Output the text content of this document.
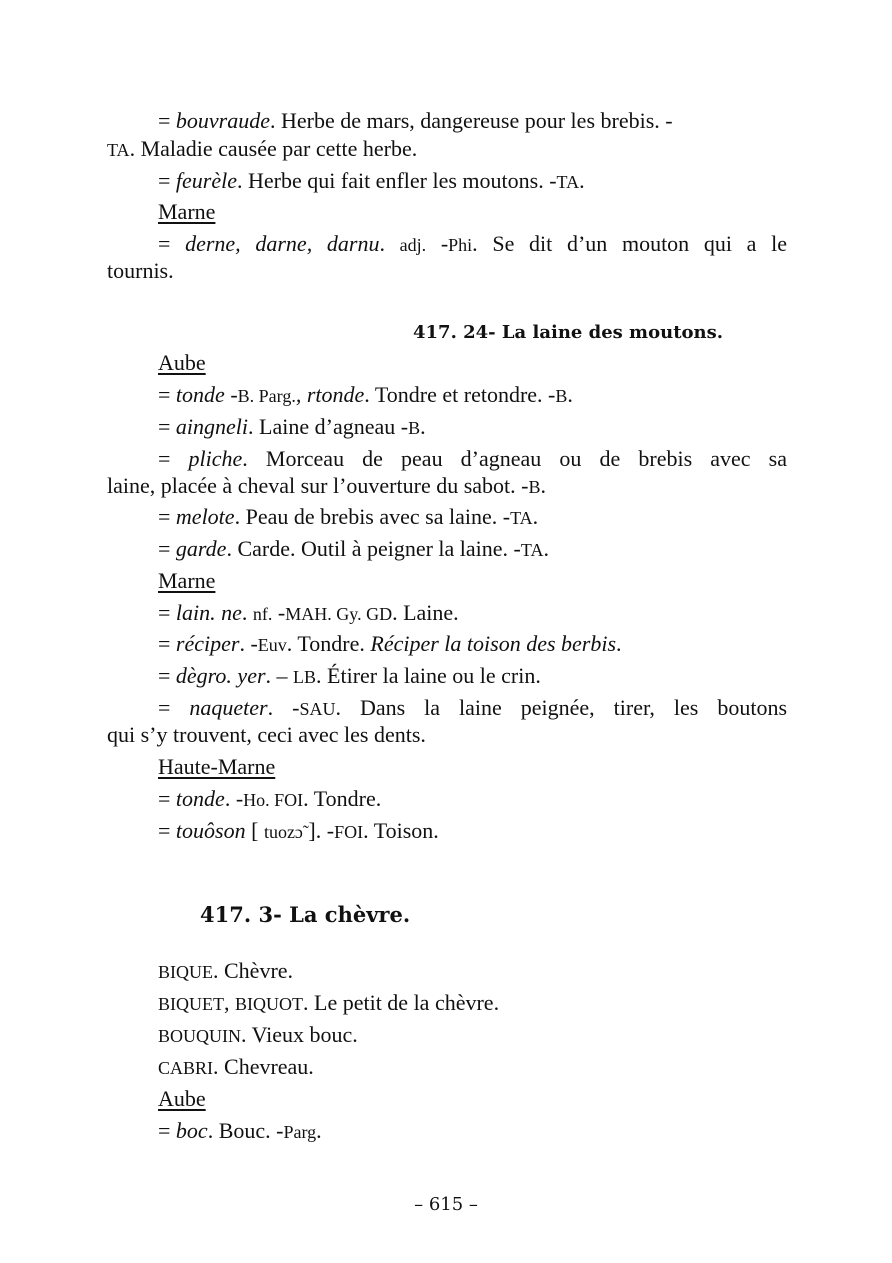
= bouvraude. Herbe de mars, dangereuse pour les brebis. -
TA. Maladie causée par cette herbe.
= feurèle. Herbe qui fait enfler les moutons. -TA.
Marne
= derne, darne, darnu. adj. -Phi. Se dit d’un mouton qui a le
tournis.
417. 24- La laine des moutons.
Aube
= tonde -B. Parg., rtonde. Tondre et retondre. -B.
= aingneli. Laine d’agneau -B.
= pliche. Morceau de peau d’agneau ou de brebis avec sa
laine, placée à cheval sur l’ouverture du sabot. -B.
= melote. Peau de brebis avec sa laine. -TA.
= garde. Carde. Outil à peigner la laine. -TA.
Marne
= lain. ne. nf. -MAH. Gy. GD. Laine.
= réciper. -Euv. Tondre. Réciper la toison des berbis.
= dègro. yer. – LB. Étirer la laine ou le crin.
= naqueter. -SAU. Dans la laine peignée, tirer, les boutons
qui s’y trouvent, ceci avec les dents.
Haute-Marne
= tonde. -Ho. FOI. Tondre.
= touôson [ tuozɔ̃ ]. -FOI. Toison.
417. 3- La chèvre.
BIQUE. Chèvre.
BIQUET, BIQUOT. Le petit de la chèvre.
BOUQUIN. Vieux bouc.
CABRI. Chevreau.
Aube
= boc. Bouc. -Parg.
– 615 –
